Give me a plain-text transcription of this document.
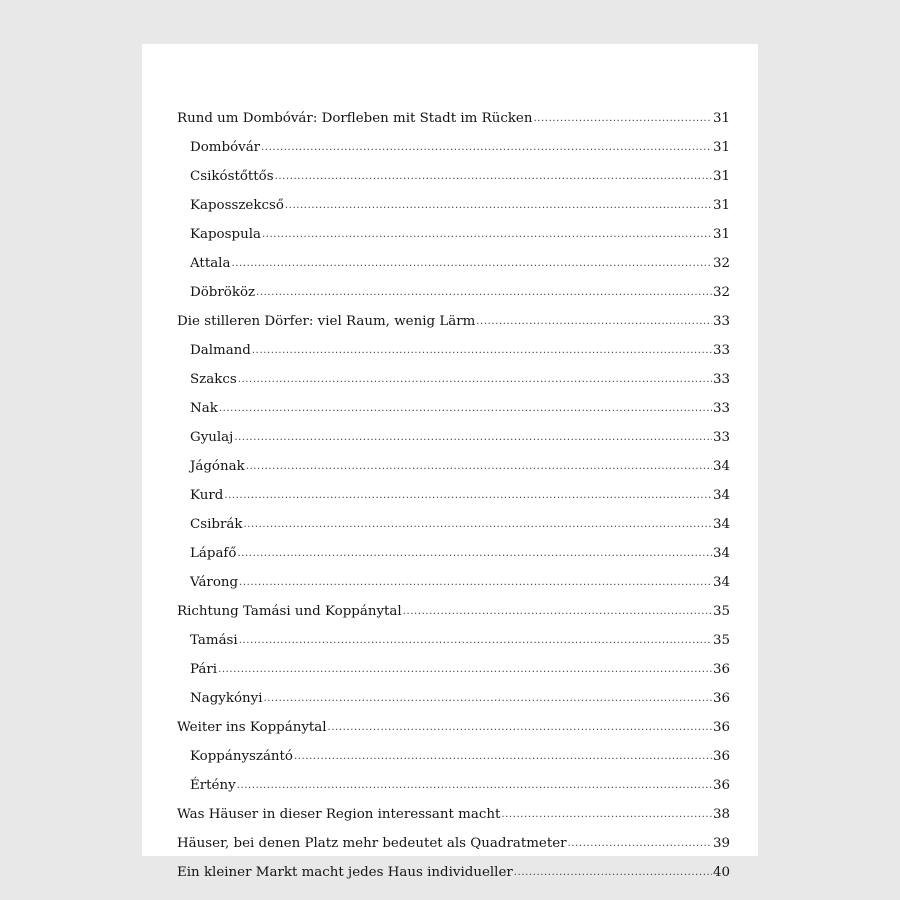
Rund um Dombóvár: Dorfleben mit Stadt im Rücken .....	31
Dombóvár .....	31
Csikóstőttős .....	31
Kaposszekcső .....	31
Kapospula .....	31
Attala .....	32
Döbrököz .....	32
Die stilleren Dörfer: viel Raum, wenig Lärm .....	33
Dalmand .....	33
Szakcs .....	33
Nak .....	33
Gyulaj .....	33
Jágónak .....	34
Kurd .....	34
Csibrák .....	34
Lápafő .....	34
Várong .....	34
Richtung Tamási und Koppánytal .....	35
Tamási .....	35
Pári .....	36
Nagykónyi .....	36
Weiter ins Koppánytal .....	36
Koppányszántó .....	36
Értény .....	36
Was Häuser in dieser Region interessant macht .....	38
Häuser, bei denen Platz mehr bedeutet als Quadratmeter .....	39
Ein kleiner Markt macht jedes Haus individueller .....	40
